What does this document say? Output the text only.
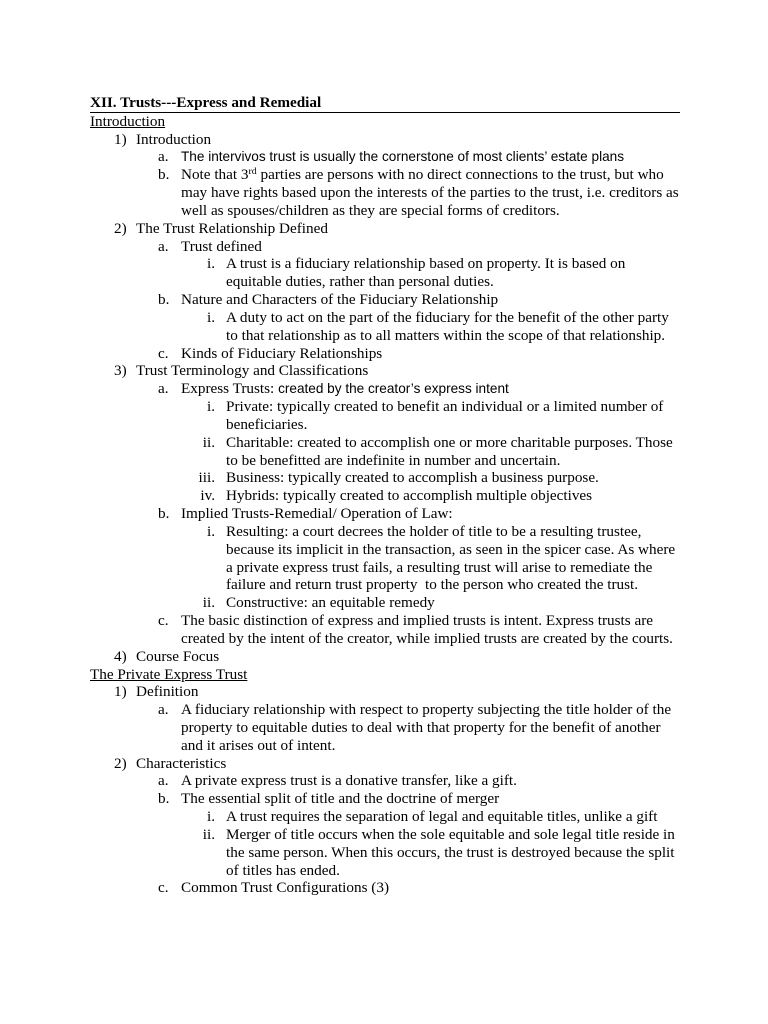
XII. Trusts---Express and Remedial
Introduction
1) Introduction
a. The intervivos trust is usually the cornerstone of most clients’ estate plans
b. Note that 3rd parties are persons with no direct connections to the trust, but who
may have rights based upon the interests of the parties to the trust, i.e. creditors as
well as spouses/children as they are special forms of creditors.
2) The Trust Relationship Defined
a. Trust defined
i. A trust is a fiduciary relationship based on property. It is based on
equitable duties, rather than personal duties.
b. Nature and Characters of the Fiduciary Relationship
i. A duty to act on the part of the fiduciary for the benefit of the other party
to that relationship as to all matters within the scope of that relationship.
c. Kinds of Fiduciary Relationships
3) Trust Terminology and Classifications
a. Express Trusts: created by the creator’s express intent
i. Private: typically created to benefit an individual or a limited number of
beneficiaries.
ii. Charitable: created to accomplish one or more charitable purposes. Those
to be benefitted are indefinite in number and uncertain.
iii. Business: typically created to accomplish a business purpose.
iv. Hybrids: typically created to accomplish multiple objectives
b. Implied Trusts-Remedial/ Operation of Law:
i. Resulting: a court decrees the holder of title to be a resulting trustee,
because its implicit in the transaction, as seen in the spicer case. As where
a private express trust fails, a resulting trust will arise to remediate the
failure and return trust property  to the person who created the trust.
ii. Constructive: an equitable remedy
c. The basic distinction of express and implied trusts is intent. Express trusts are
created by the intent of the creator, while implied trusts are created by the courts.
4) Course Focus
The Private Express Trust
1) Definition
a. A fiduciary relationship with respect to property subjecting the title holder of the
property to equitable duties to deal with that property for the benefit of another
and it arises out of intent.
2) Characteristics
a. A private express trust is a donative transfer, like a gift.
b. The essential split of title and the doctrine of merger
i. A trust requires the separation of legal and equitable titles, unlike a gift
ii. Merger of title occurs when the sole equitable and sole legal title reside in
the same person. When this occurs, the trust is destroyed because the split
of titles has ended.
c. Common Trust Configurations (3)
